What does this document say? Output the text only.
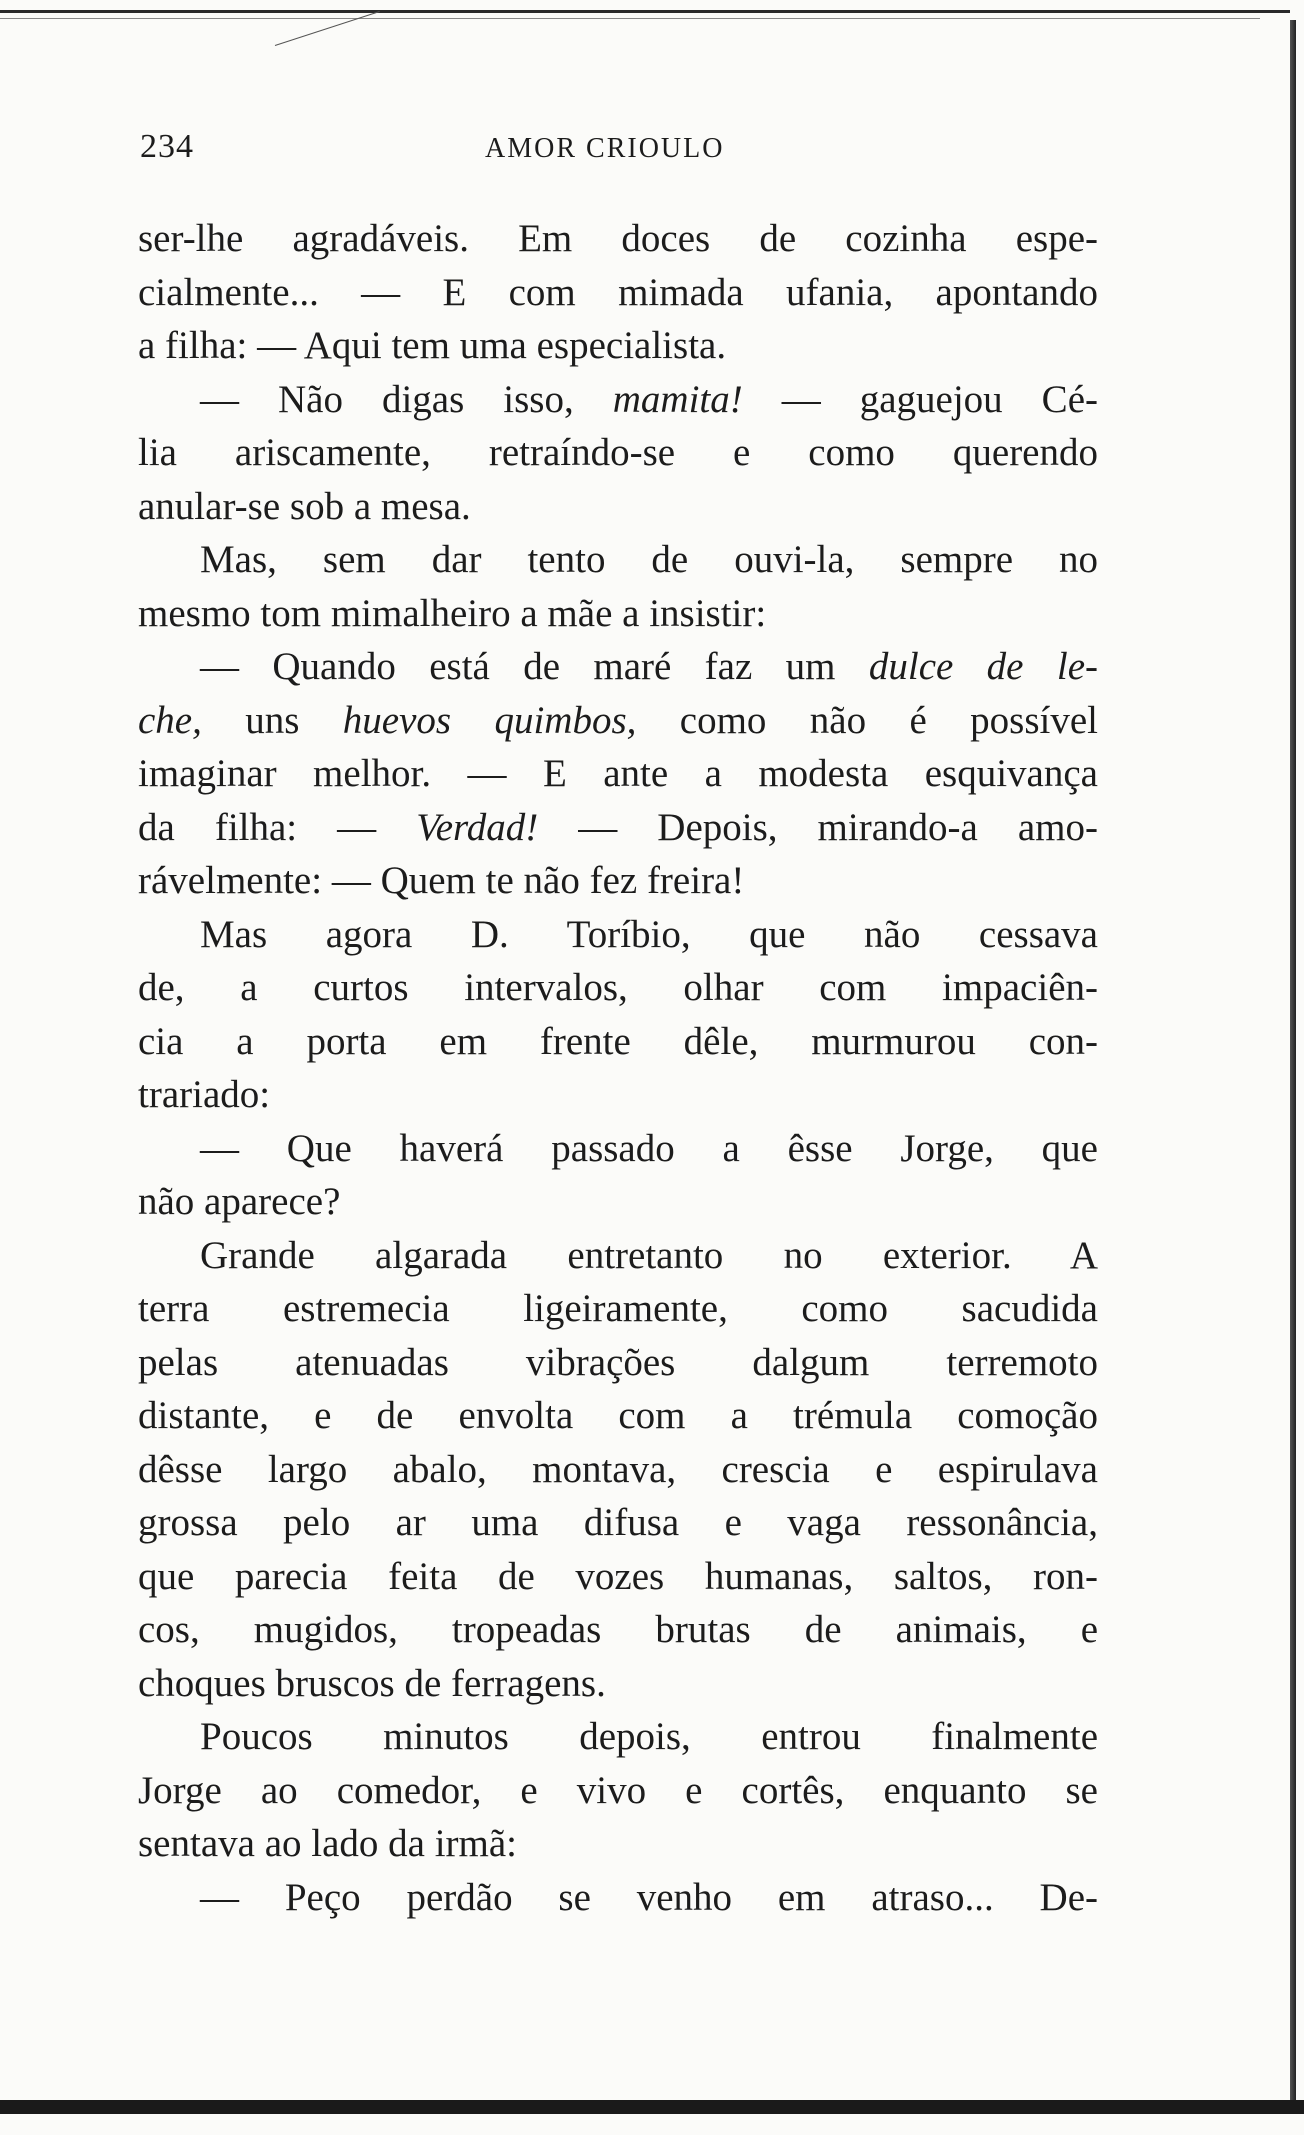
234	AMOR CRIOULO
ser-lhe agradáveis. Em doces de cozinha espe-
cialmente... — E com mimada ufania, apontando
a filha: — Aqui tem uma especialista.
— Não digas isso, mamita! — gaguejou Cé-
lia ariscamente, retraíndo-se e como querendo
anular-se sob a mesa.
Mas, sem dar tento de ouvi-la, sempre no
mesmo tom mimalheiro a mãe a insistir:
— Quando está de maré faz um dulce de le-
che, uns huevos quimbos, como não é possível
imaginar melhor. — E ante a modesta esquivança
da filha: — Verdad! — Depois, mirando-a amo-
rávelmente: — Quem te não fez freira!
Mas agora D. Toríbio, que não cessava
de, a curtos intervalos, olhar com impaciên-
cia a porta em frente dêle, murmurou con-
trariado:
— Que haverá passado a êsse Jorge, que
não aparece?
Grande algarada entretanto no exterior. A
terra estremecia ligeiramente, como sacudida
pelas atenuadas vibrações dalgum terremoto
distante, e de envolta com a trémula comoção
dêsse largo abalo, montava, crescia e espirulava
grossa pelo ar uma difusa e vaga ressonância,
que parecia feita de vozes humanas, saltos, ron-
cos, mugidos, tropeadas brutas de animais, e
choques bruscos de ferragens.
Poucos minutos depois, entrou finalmente
Jorge ao comedor, e vivo e cortês, enquanto se
sentava ao lado da irmã:
— Peço perdão se venho em atraso... De-
